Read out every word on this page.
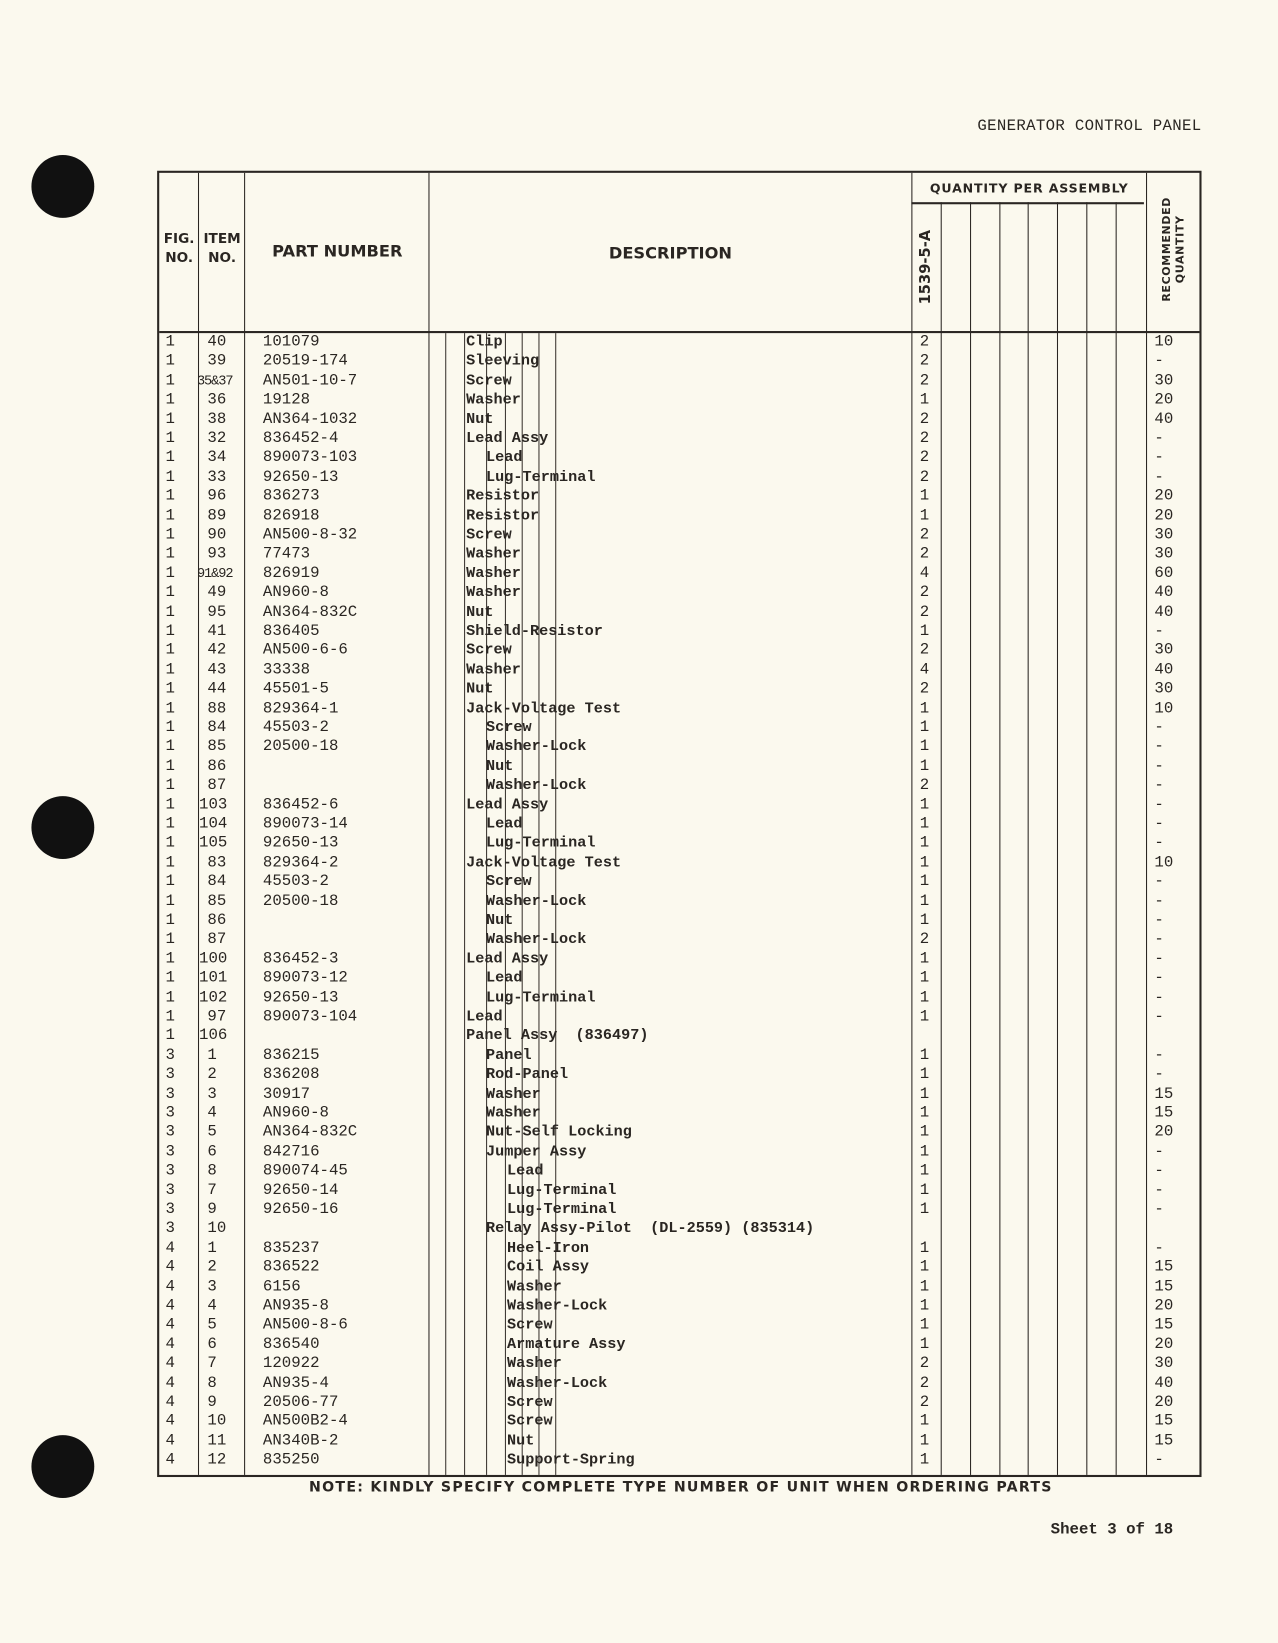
GENERATOR CONTROL PANEL
FIG. NO.
ITEM NO.	PART NUMBER	DESCRIPTION
QUANTITY PER ASSEMBLY
1539-5-A	RECOMMENDED QUANTITY
1 40 101079	Clip	2	10
1 39 20519-174	Sleeving	2	-
1 35&37 AN501-10-7	Screw	2	30
1 36 19128	Washer	1	20
1 38 AN364-1032	Nut	2	40
1 32 836452-4	Lead Assy	2	-
1 34 890073-103	Lead	2	-
1 33 92650-13	Lug-Terminal	2	-
1 96 836273	Resistor	1	20
1 89 826918	Resistor	1	20
1 90 AN500-8-32	Screw	2	30
1 93 77473	Washer	2	30
1 91&92 826919	Washer	4	60
1 49 AN960-8	Washer	2	40
1 95 AN364-832C	Nut	2	40
1 41 836405	Shield-Resistor	1	-
1 42 AN500-6-6	Screw	2	30
1 43 33338	Washer	4	40
1 44 45501-5	Nut	2	30
1 88 829364-1	Jack-Voltage Test	1	10
1 84 45503-2	Screw	1	-
1 85 20500-18	Washer-Lock	1	-
1 86	Nut	1	-
1 87	Washer-Lock	2	-
1 103 836452-6	Lead Assy	1	-
1 104 890073-14	Lead	1	-
1 105 92650-13	Lug-Terminal	1	-
1 83 829364-2	Jack-Voltage Test	1	10
1 84 45503-2	Screw	1	-
1 85 20500-18	Washer-Lock	1	-
1 86	Nut	1	-
1 87	Washer-Lock	2	-
1 100 836452-3	Lead Assy	1	-
1 101 890073-12	Lead	1	-
1 102 92650-13	Lug-Terminal	1	-
1 97 890073-104	Lead	1	-
1 106	Panel Assy  (836497)
3 1	836215	Panel	1	-
3 2	836208	Rod-Panel	1	-
3 3	30917	Washer	1	15
3 4	AN960-8	Washer	1	15
3 5	AN364-832C	Nut-Self Locking	1	20
3 6	842716	Jumper Assy	1	-
3 8	890074-45	Lead	1	-
3 7	92650-14	Lug-Terminal	1	-
3 9	92650-16	Lug-Terminal	1	-
3 10	Relay Assy-Pilot  (DL-2559) (835314)
4 1	835237	Heel-Iron	1	-
4 2	836522	Coil Assy	1	15
4 3	6156	Washer	1	15
4 4	AN935-8	Washer-Lock	1	20
4 5	AN500-8-6	Screw	1	15
4 6	836540	Armature Assy	1	20
4 7	120922	Washer	2	30
4 8	AN935-4	Washer-Lock	2	40
4 9	20506-77	Screw	2	20
4 10 AN500B2-4	Screw	1	15
4 11 AN340B-2	Nut	1	15
4 12 835250	Support-Spring	1	-
NOTE: KINDLY SPECIFY COMPLETE TYPE NUMBER OF UNIT WHEN ORDERING PARTS
Sheet 3 of 18
